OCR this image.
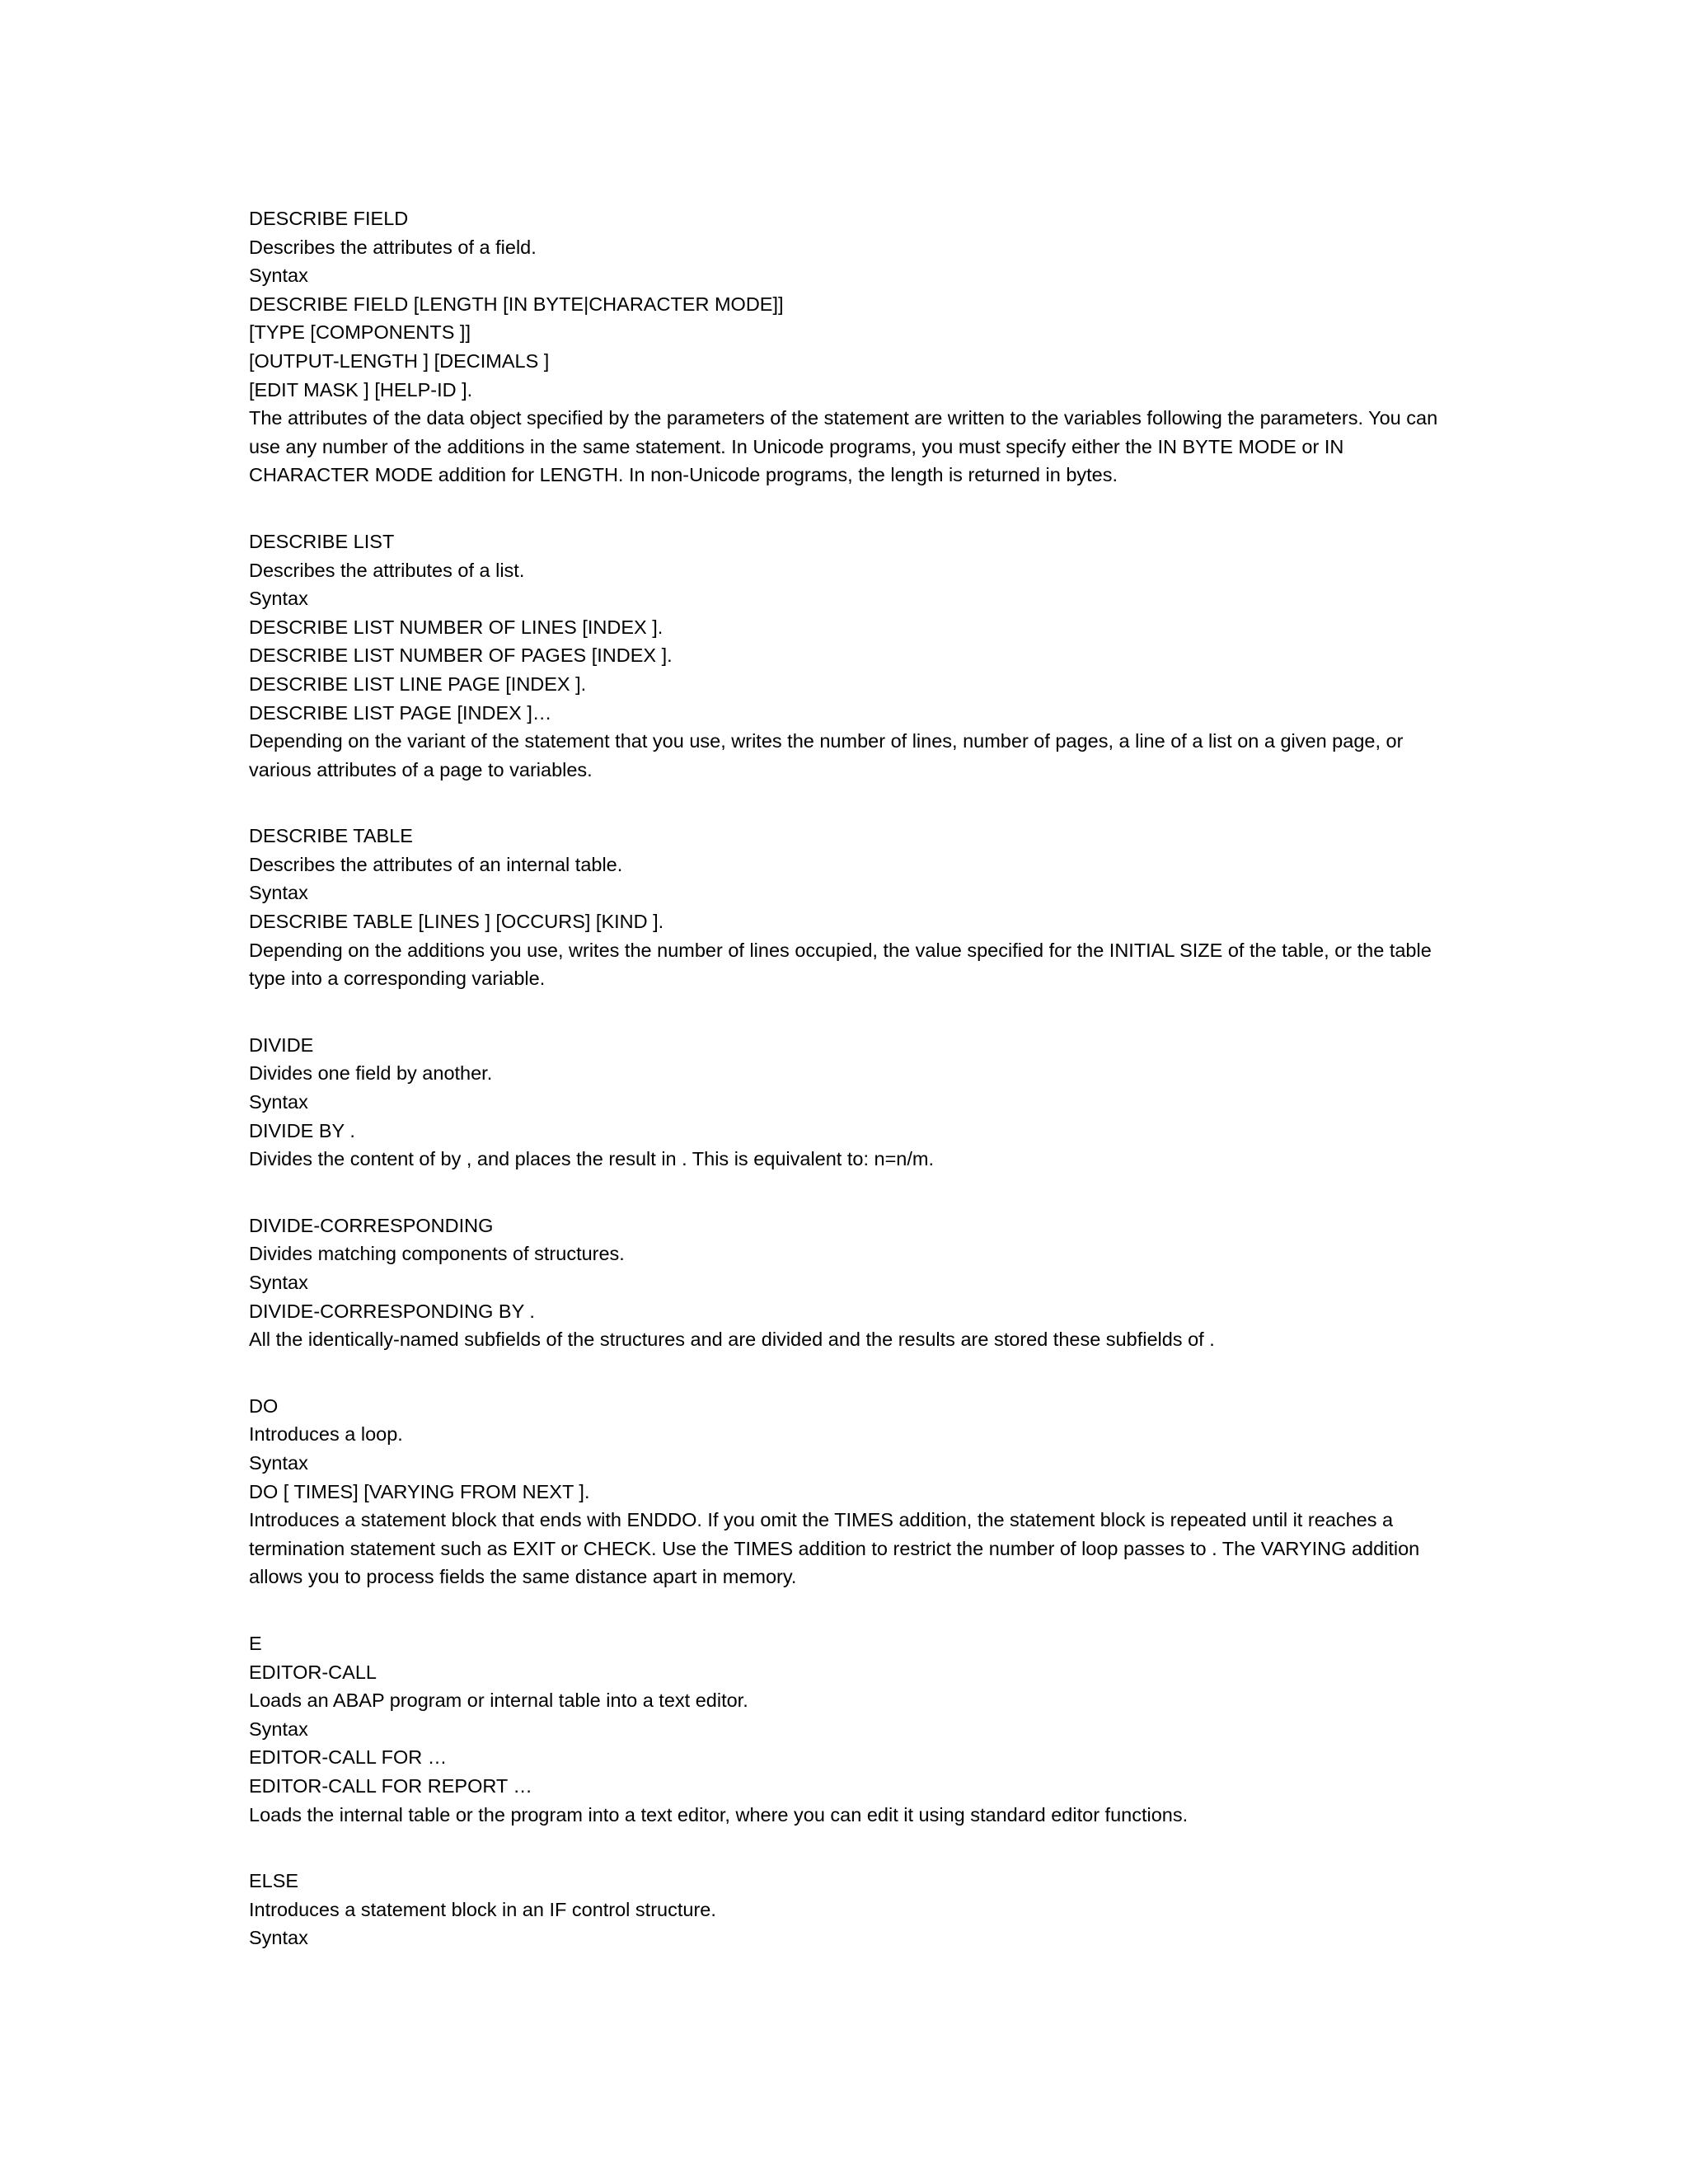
DESCRIBE FIELD
Describes the attributes of a field.
Syntax
DESCRIBE FIELD [LENGTH [IN BYTE|CHARACTER MODE]]
[TYPE [COMPONENTS ]]
[OUTPUT-LENGTH ] [DECIMALS ]
[EDIT MASK ] [HELP-ID ].
The attributes of the data object specified by the parameters of the statement are written to the variables following the parameters. You can
use any number of the additions in the same statement. In Unicode programs, you must specify either the IN BYTE MODE or IN
CHARACTER MODE addition for LENGTH. In non-Unicode programs, the length is returned in bytes.
DESCRIBE LIST
Describes the attributes of a list.
Syntax
DESCRIBE LIST NUMBER OF LINES [INDEX ].
DESCRIBE LIST NUMBER OF PAGES [INDEX ].
DESCRIBE LIST LINE PAGE [INDEX ].
DESCRIBE LIST PAGE [INDEX ]…
Depending on the variant of the statement that you use, writes the number of lines, number of pages, a line of a list on a given page, or
various attributes of a page to variables.
DESCRIBE TABLE
Describes the attributes of an internal table.
Syntax
DESCRIBE TABLE [LINES ] [OCCURS] [KIND ].
Depending on the additions you use, writes the number of lines occupied, the value specified for the INITIAL SIZE of the table, or the table
type into a corresponding variable.
DIVIDE
Divides one field by another.
Syntax
DIVIDE BY .
Divides the content of by , and places the result in . This is equivalent to: n=n/m.
DIVIDE-CORRESPONDING
Divides matching components of structures.
Syntax
DIVIDE-CORRESPONDING BY .
All the identically-named subfields of the structures and are divided and the results are stored these subfields of .
DO
Introduces a loop.
Syntax
DO [ TIMES] [VARYING FROM NEXT ].
Introduces a statement block that ends with ENDDO. If you omit the TIMES addition, the statement block is repeated until it reaches a
termination statement such as EXIT or CHECK. Use the TIMES addition to restrict the number of loop passes to . The VARYING addition
allows you to process fields the same distance apart in memory.
E
EDITOR-CALL
Loads an ABAP program or internal table into a text editor.
Syntax
EDITOR-CALL FOR …
EDITOR-CALL FOR REPORT …
Loads the internal table or the program into a text editor, where you can edit it using standard editor functions.
ELSE
Introduces a statement block in an IF control structure.
Syntax
